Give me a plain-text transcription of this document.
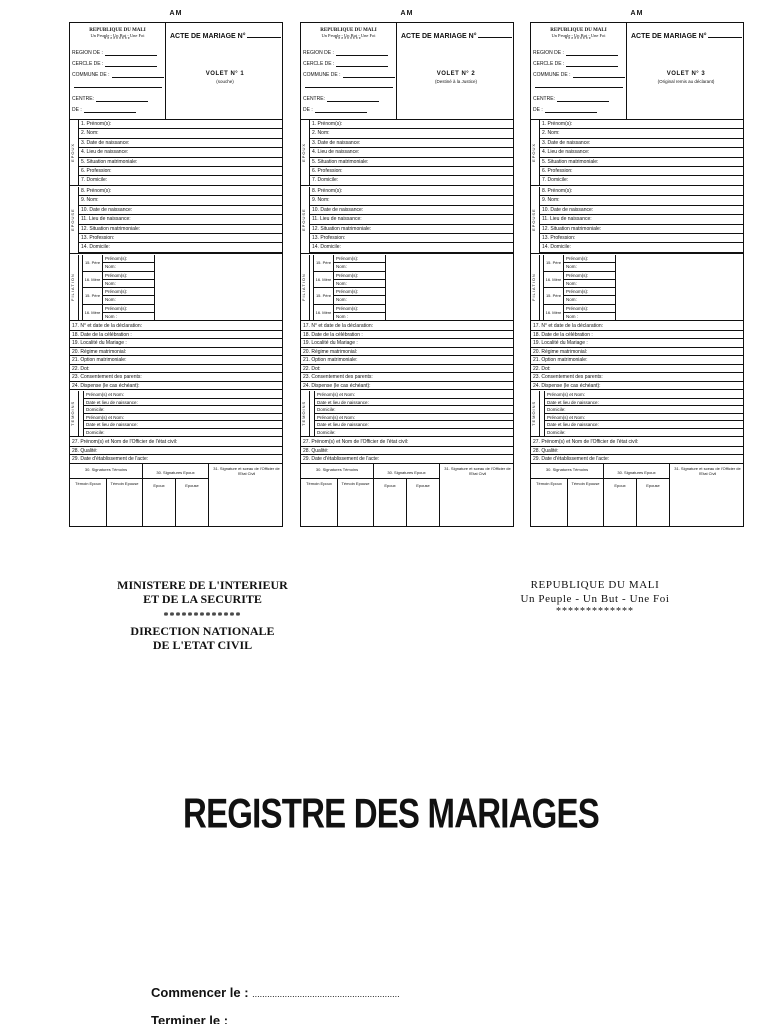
AM
REPUBLIQUE DU MALI
Un Peuple - Un But - Une Foi
*********
REGION DE :
CERCLE DE :
COMMUNE DE :
CENTRE:
DE :
ACTE DE MARIAGE N°
VOLET N° 1
(souche)
EPOUX
1. Prénom(s):
2. Nom:
3. Date de naissance:
4. Lieu de naissance:
5. Situation matrimoniale:
6. Profession:
7. Domicile:
EPOUSE
8. Prénom(s):
9. Nom:
10. Date de naissance:
11. Lieu de naissance:
12. Situation matrimoniale:
13. Profession:
14. Domicile:
FILIATION
15. Père
Prénom(s):
Nom:
16. Mère
Prénom(s):
Nom:
15. Père
Prénom(s):
Nom:
16. Mère
Prénom(s):
Nom :
17. N° et date de la déclaration:
18. Date de la célébration :
19. Localité du Mariage :
20. Régime matrimonial:
21. Option matrimoniale:
22. Dot:
23. Consentement des parents:
24. Dispense (le cas échéant):
TEMOINS
Prénom(s) et Nom:
Date et lieu de naissance:
Domicile:
Prénom(s) et Nom:
Date et lieu de naissance:
Domicile:
27. Prénom(s) et Nom de l'Officier de l'état civil:
28. Qualité:
29. Date d'établissement de l'acte:
30. Signatures Témoins
30. Signatures Epoux
31. Signature et sceau de l'Officier de l'Etat Civil
Témoin Epoux	Témoin Epouse	Epoux	Epouse
AM
REPUBLIQUE DU MALI
Un Peuple - Un But - Une Foi
*********
REGION DE :
CERCLE DE :
COMMUNE DE :
CENTRE:
DE :
ACTE DE MARIAGE N°
VOLET N° 2
(Destiné à la Justice)
EPOUX
1. Prénom(s):
2. Nom:
3. Date de naissance:
4. Lieu de naissance:
5. Situation matrimoniale:
6. Profession:
7. Domicile:
EPOUSE
8. Prénom(s):
9. Nom:
10. Date de naissance:
11. Lieu de naissance:
12. Situation matrimoniale:
13. Profession:
14. Domicile:
FILIATION
15. Père
Prénom(s):
Nom:
16. Mère
Prénom(s):
Nom:
15. Père
Prénom(s):
Nom:
16. Mère
Prénom(s):
Nom :
17. N° et date de la déclaration:
18. Date de la célébration :
19. Localité du Mariage :
20. Régime matrimonial:
21. Option matrimoniale:
22. Dot:
23. Consentement des parents:
24. Dispense (le cas échéant):
TEMOINS
Prénom(s) et Nom:
Date et lieu de naissance:
Domicile:
Prénom(s) et Nom:
Date et lieu de naissance:
Domicile:
27. Prénom(s) et Nom de l'Officier de l'état civil:
28. Qualité:
29. Date d'établissement de l'acte:
30. Signatures Témoins
30. Signatures Epoux
31. Signature et sceau de l'Officier de l'Etat Civil
Témoin Epoux	Témoin Epouse	Epoux	Epouse
AM
REPUBLIQUE DU MALI
Un Peuple - Un But - Une Foi
*********
REGION DE :
CERCLE DE :
COMMUNE DE :
CENTRE:
DE :
ACTE DE MARIAGE N°
VOLET N° 3
(Original remis au déclarant)
EPOUX
1. Prénom(s):
2. Nom:
3. Date de naissance:
4. Lieu de naissance:
5. Situation matrimoniale:
6. Profession:
7. Domicile:
EPOUSE
8. Prénom(s):
9. Nom:
10. Date de naissance:
11. Lieu de naissance:
12. Situation matrimoniale:
13. Profession:
14. Domicile:
FILIATION
15. Père
Prénom(s):
Nom:
16. Mère
Prénom(s):
Nom:
15. Père
Prénom(s):
Nom:
16. Mère
Prénom(s):
Nom :
17. N° et date de la déclaration:
18. Date de la célébration :
19. Localité du Mariage :
20. Régime matrimonial:
21. Option matrimoniale:
22. Dot:
23. Consentement des parents:
24. Dispense (le cas échéant):
TEMOINS
Prénom(s) et Nom:
Date et lieu de naissance:
Domicile:
Prénom(s) et Nom:
Date et lieu de naissance:
Domicile:
27. Prénom(s) et Nom de l'Officier de l'état civil:
28. Qualité:
29. Date d'établissement de l'acte:
30. Signatures Témoins
30. Signatures Epoux
31. Signature et sceau de l'Officier de l'Etat Civil
Témoin Epoux	Témoin Epouse	Epoux	Epouse
MINISTERE DE L'INTERIEUR
ET DE LA SECURITE
*************
DIRECTION NATIONALE
DE L'ETAT CIVIL
REPUBLIQUE DU MALI
Un Peuple - Un But - Une Foi
*************
REGISTRE DES MARIAGES
Commencer le : ...........................................................
Terminer le :
